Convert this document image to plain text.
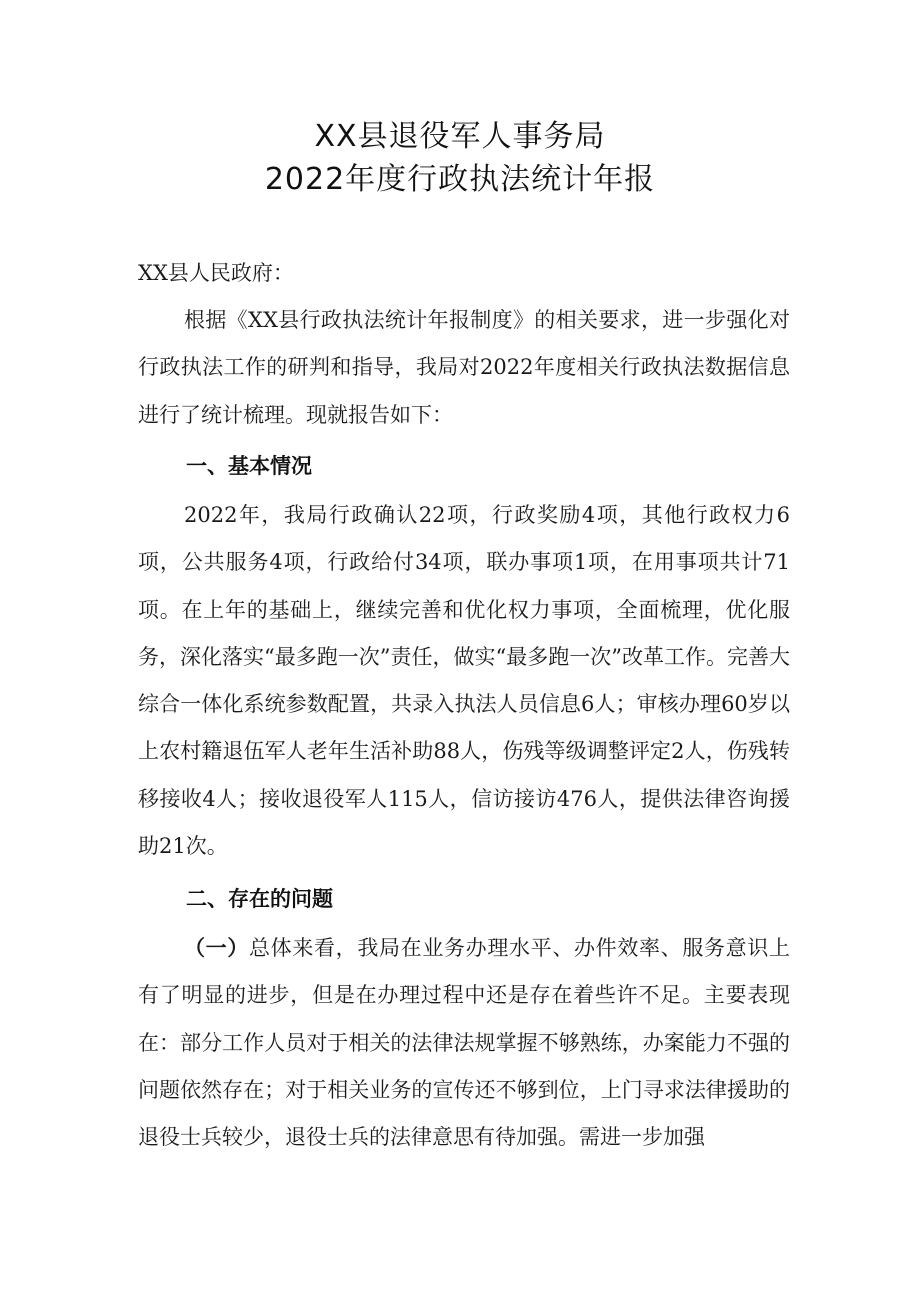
XX县退役军人事务局
2022年度行政执法统计年报

XX县人民政府：

根据《XX县行政执法统计年报制度》的相关要求，进一步强化对行政执法工作的研判和指导，我局对2022年度相关行政执法数据信息进行了统计梳理。现就报告如下：

一、基本情况

2022年，我局行政确认22项，行政奖励4项，其他行政权力6项，公共服务4项，行政给付34项，联办事项1项，在用事项共计71项。在上年的基础上，继续完善和优化权力事项，全面梳理，优化服务，深化落实“最多跑一次”责任，做实“最多跑一次”改革工作。完善大综合一体化系统参数配置，共录入执法人员信息6人；审核办理60岁以上农村籍退伍军人老年生活补助88人，伤残等级调整评定2人，伤残转移接收4人；接收退役军人115人，信访接访476人，提供法律咨询援助21次。

二、存在的问题

（一）总体来看，我局在业务办理水平、办件效率、服务意识上有了明显的进步，但是在办理过程中还是存在着些许不足。主要表现在：部分工作人员对于相关的法律法规掌握不够熟练，办案能力不强的问题依然存在；对于相关业务的宣传还不够到位，上门寻求法律援助的退役士兵较少，退役士兵的法律意思有待加强。需进一步加强
